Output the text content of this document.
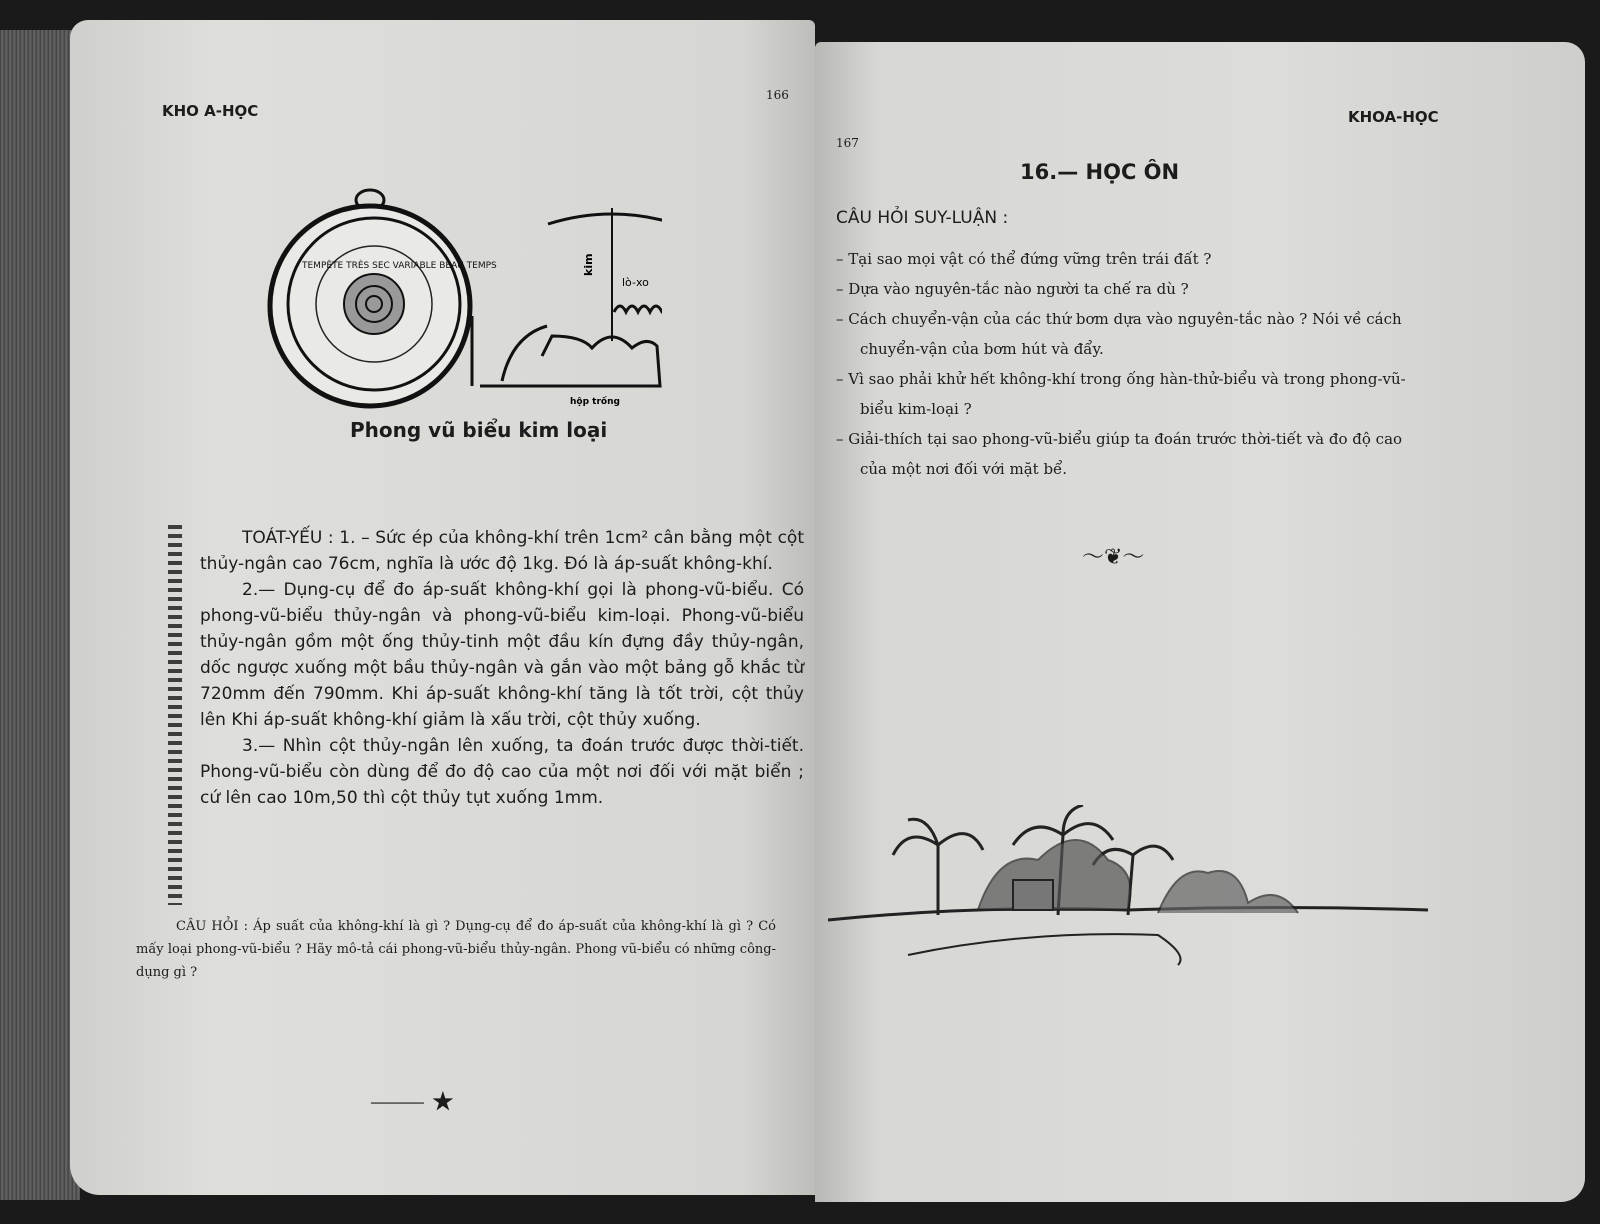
KHO A-HỌC
166
TEMPÊTE TRÈS SEC VARIABLE BEAU TEMPS	kim
lò-xo
hộp trống
Phong vũ biểu kim loại

TOÁT-YẾU : 1. – Sức ép của không-khí trên 1cm² cân bằng một cột thủy-ngân cao 76cm, nghĩa là ước độ 1kg. Đó là áp-suất không-khí.

2.— Dụng-cụ để đo áp-suất không-khí gọi là phong-vũ-biểu. Có phong-vũ-biểu thủy-ngân và phong-vũ-biểu kim-loại. Phong-vũ-biểu thủy-ngân gồm một ống thủy-tinh một đầu kín đựng đầy thủy-ngân, dốc ngược xuống một bầu thủy-ngân và gắn vào một bảng gỗ khắc từ 720mm đến 790mm. Khi áp-suất không-khí tăng là tốt trời, cột thủy lên Khi áp-suất không-khí giảm là xấu trời, cột thủy xuống.

3.— Nhìn cột thủy-ngân lên xuống, ta đoán trước được thời-tiết. Phong-vũ-biểu còn dùng để đo độ cao của một nơi đối với mặt biển ; cứ lên cao 10m,50 thì cột thủy tụt xuống 1mm.

CÂU HỎI : Áp suất của không-khí là gì ? Dụng-cụ để đo áp-suất của không-khí là gì ? Có mấy loại phong-vũ-biểu ? Hãy mô-tả cái phong-vũ-biểu thủy-ngân. Phong vũ-biểu có những công-dụng gì ?
⸻ ★
KHOA-HỌC
167
16.— HỌC ÔN
CÂU HỎI SUY-LUẬN :
– Tại sao mọi vật có thể đứng vững trên trái đất ?
– Dựa vào nguyên-tắc nào người ta chế ra dù ?
– Cách chuyển-vận của các thứ bơm dựa vào nguyên-tắc nào ? Nói về cách chuyển-vận của bơm hút và đẩy.
– Vì sao phải khử hết không-khí trong ống hàn-thử-biểu và trong phong-vũ-biểu kim-loại ?
– Giải-thích tại sao phong-vũ-biểu giúp ta đoán trước thời-tiết và đo độ cao của một nơi đối với mặt bể.
～❦～
